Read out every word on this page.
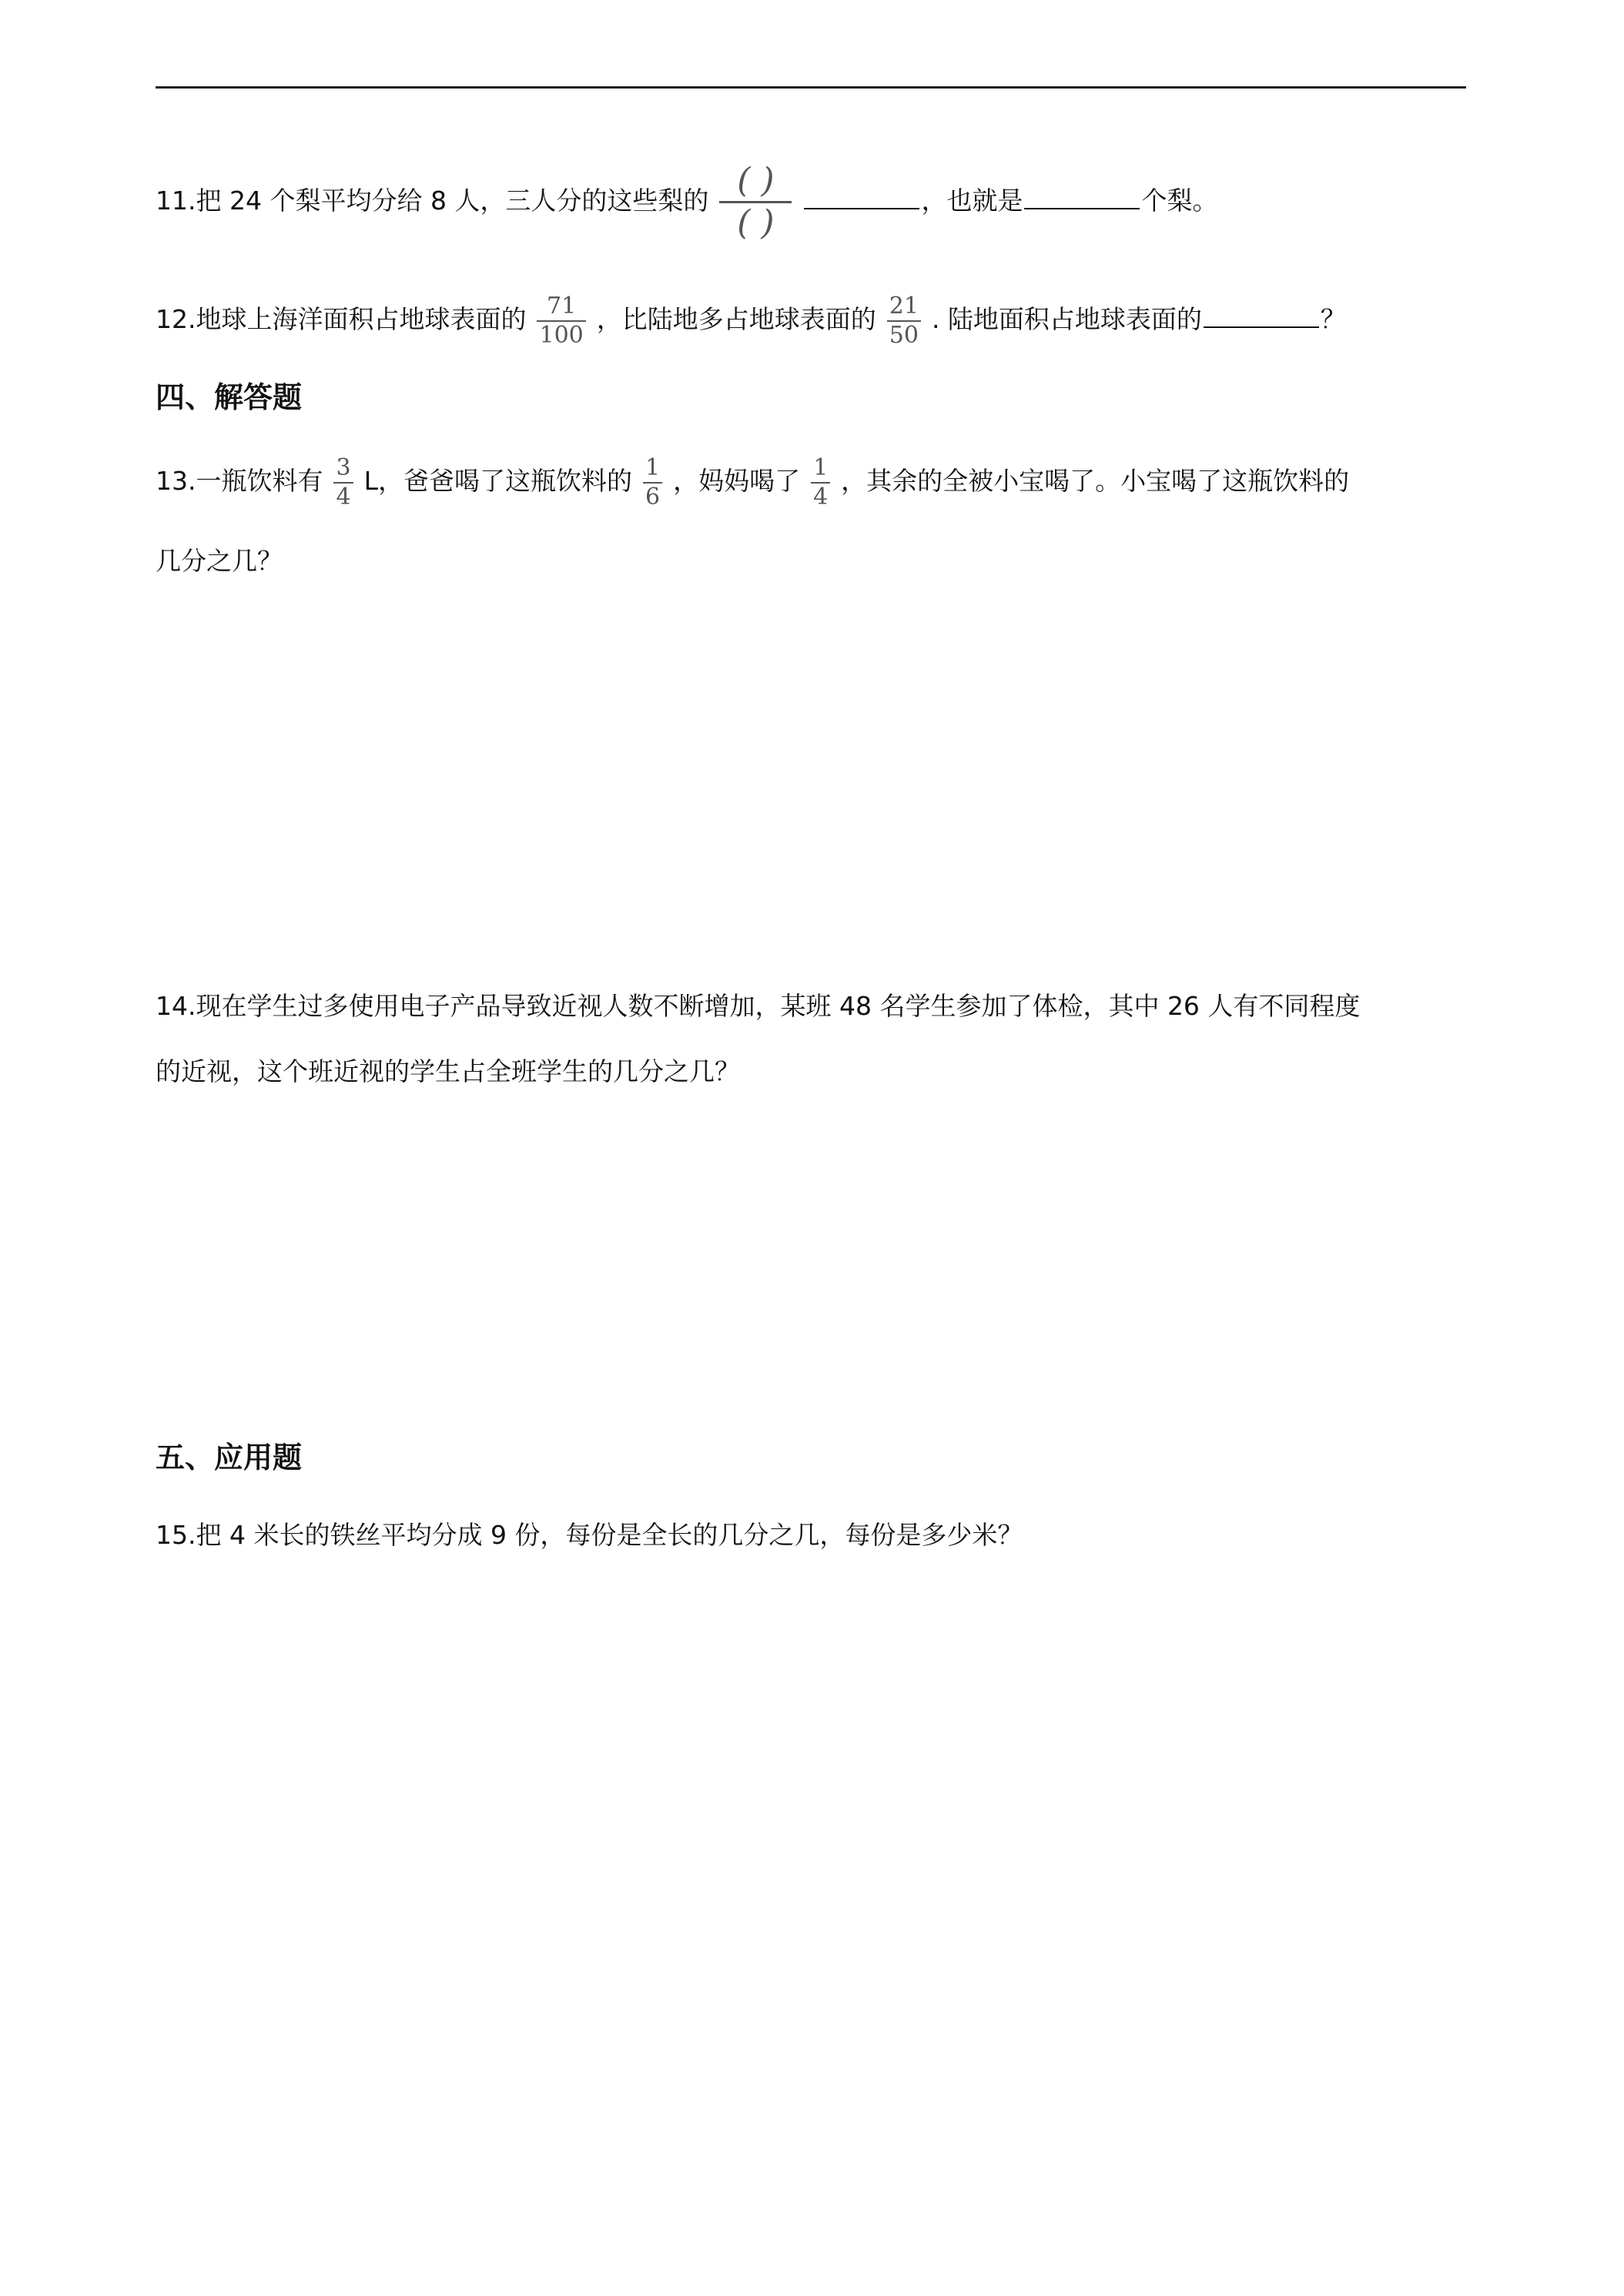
11.把 24 个梨平均分给 8 人，三人分的这些梨的 $\frac{( )}{( )}$	，也就是	个梨。
12.地球上海洋面积占地球表面的 $\frac{71}{100}$ ，比陆地多占地球表面的 $\frac{21}{50}$ . 陆地面积占地球表面的	？
四、解答题
13.一瓶饮料有 $\frac{3}{4}$ L，爸爸喝了这瓶饮料的 $\frac{1}{6}$ ，妈妈喝了 $\frac{1}{4}$ ，其余的全被小宝喝了。小宝喝了这瓶饮料的
几分之几？
14.现在学生过多使用电子产品导致近视人数不断增加，某班 48 名学生参加了体检，其中 26 人有不同程度
的近视，这个班近视的学生占全班学生的几分之几？
五、应用题
15.把 4 米长的铁丝平均分成 9 份，每份是全长的几分之几，每份是多少米？
